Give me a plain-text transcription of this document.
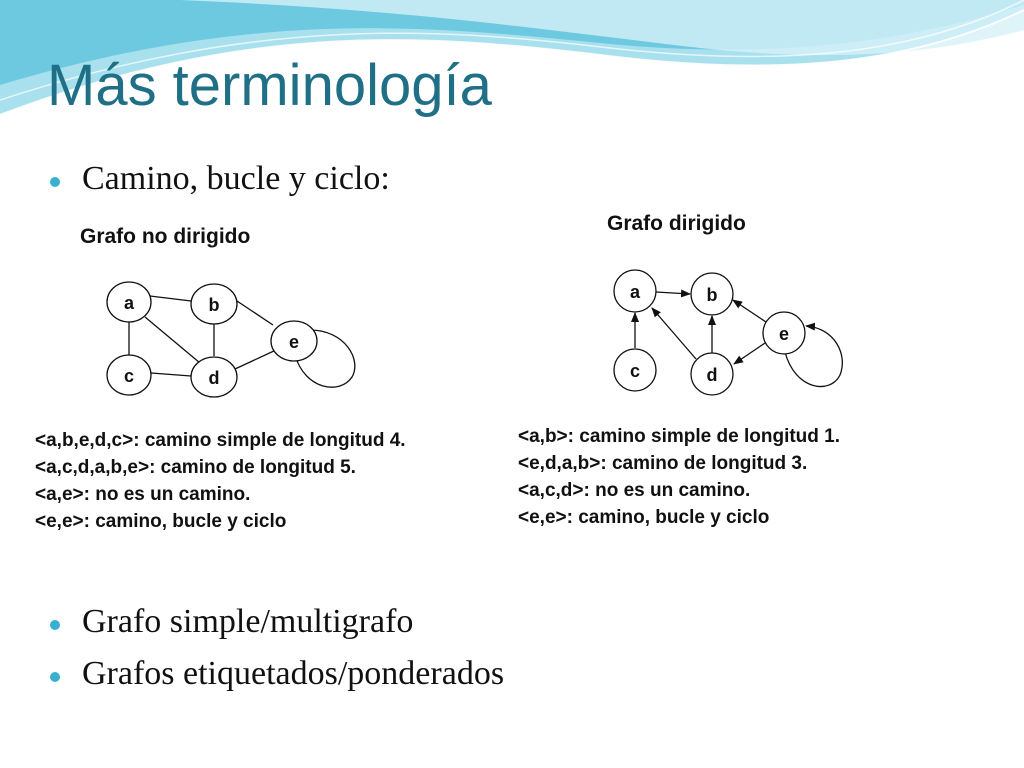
Más terminología
Camino, bucle y ciclo:
Grafo no dirigido
Grafo dirigido
a	b
e
c	d
a	b
e
c	d
<a,b,e,d,c>: camino simple de longitud 4.
<a,c,d,a,b,e>: camino de longitud 5.
<a,e>: no es un camino.
<e,e>: camino, bucle y ciclo
<a,b>: camino simple de longitud 1.
<e,d,a,b>: camino de longitud 3.
<a,c,d>: no es un camino.
<e,e>: camino, bucle y ciclo
Grafo simple/multigrafo
Grafos etiquetados/ponderados
